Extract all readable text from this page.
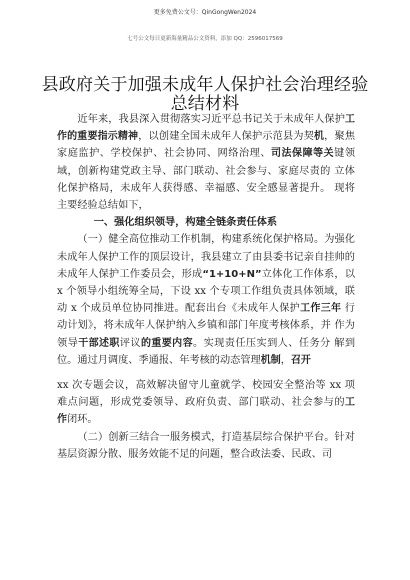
更多免费公文号：QinGongWen2024
七号公文每日更新海量精品公文资料，添加 QQ：2596017569
县政府关于加强未成年人保护社会治理经验总结材料

近年来，我县深入贯彻落实习近平总书记关于未成年人保护工作的重要指示精神，以创建全国未成年人保护示范县为契机，聚焦家庭监护、学校保护、社会协同、网络治理、司法保障等关键领域，创新构建党政主导、部门联动、社会参与、家庭尽责的 立体化保护格局，未成年人获得感、幸福感、安全感显著提升。 现将主要经验总结如下，

一、强化组织领导，构建全链条责任体系

（一）健全高位推动工作机制，构建系统化保护格局。为强化未成年人保护工作的顶层设计，我县建立了由县委书记亲自挂帅的未成年人保护工作委员会，形成“1+10+N”立体化工作体系，以 x 个领导小组统筹全局，下设 xx 个专项工作组负责具体领域，联动 x 个成员单位协同推进。配套出台《未成年人保护工作三年 行动计划》，将未成年人保护纳入乡镇和部门年度考核体系，并 作为领导干部述职评议的重要内容。实现责任压实到人、任务分 解到位。通过月调度、季通报、年考核的动态管理机制，召开

xx 次专题会议，高效解决留守儿童就学、校园安全整治等 xx 项 难点问题，形成党委领导、政府负责、部门联动、社会参与的工 作闭环。

（二）创新三结合一服务模式，打造基层综合保护平台。针对基层资源分散、服务效能不足的问题，整合政法委、民政、司
